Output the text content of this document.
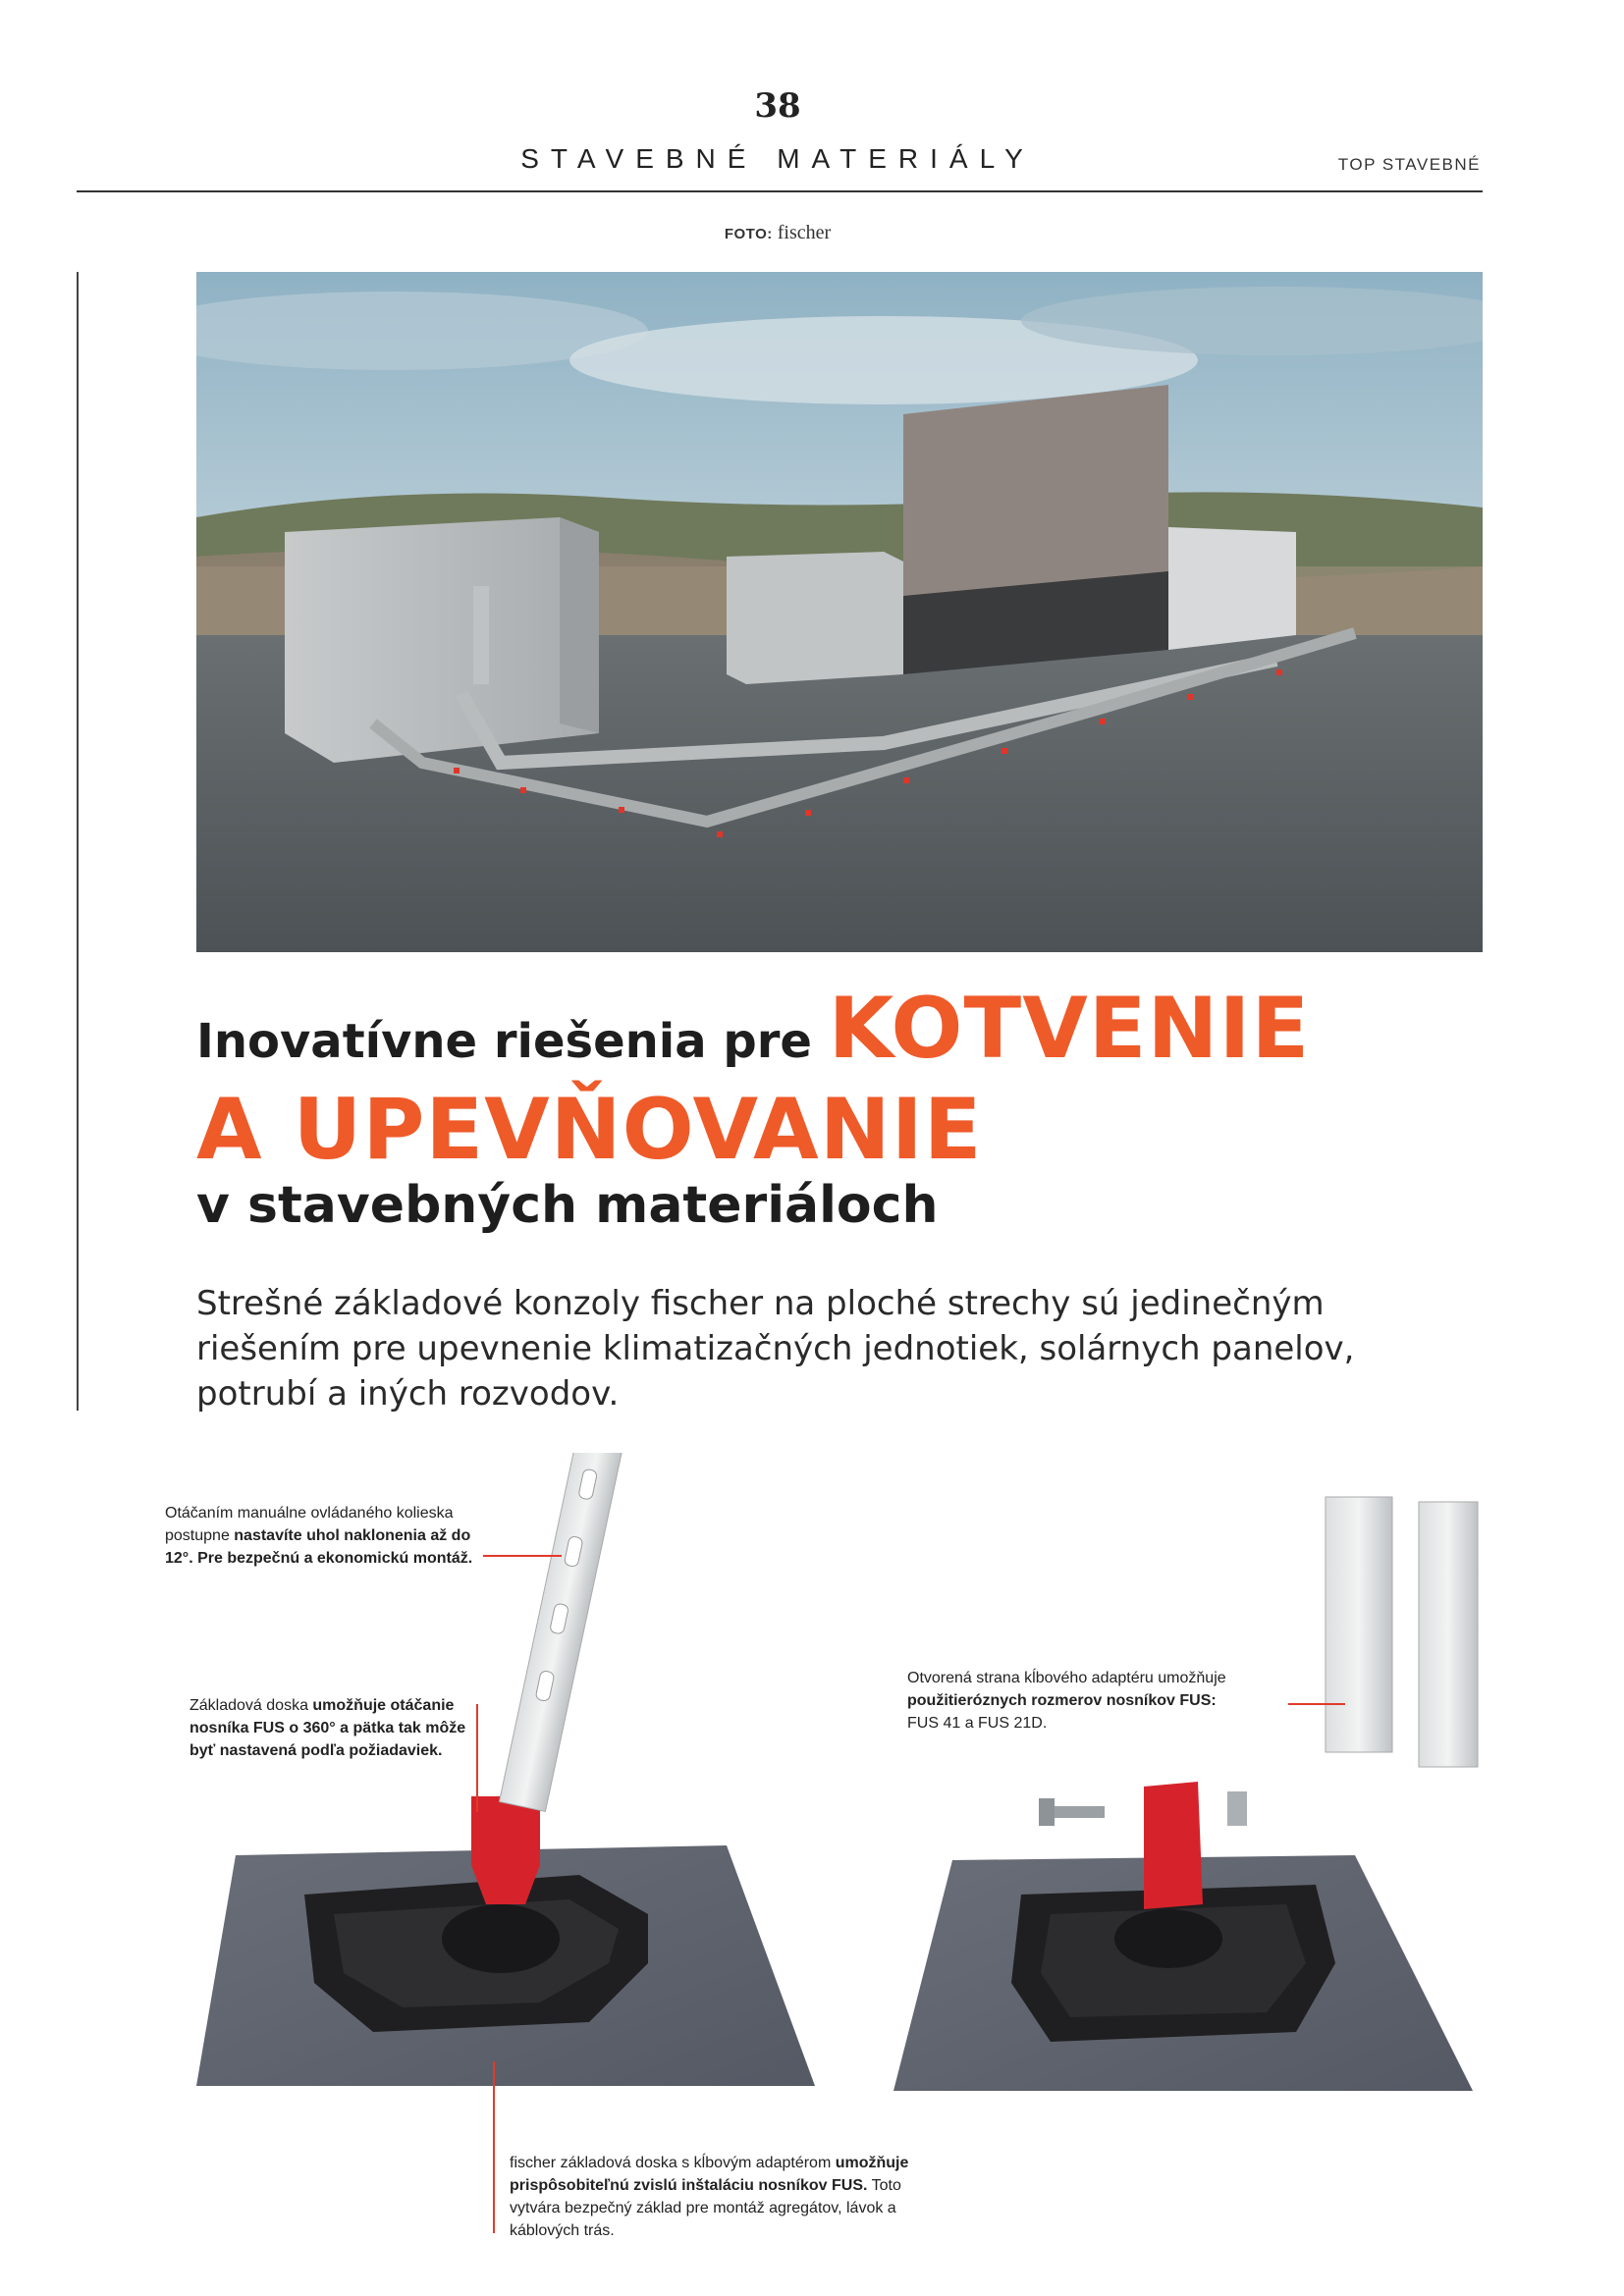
38
STAVEBNÉ MATERIÁLY	TOP STAVEBNÉ
FOTO: fischer
Inovatívne riešenia pre KOTVENIE
A UPEVŇOVANIE
v stavebných materiáloch
Strešné základové konzoly fischer na ploché strechy sú jedinečným riešením pre upevnenie klimatizačných jednotiek, solárnych panelov, potrubí a iných rozvodov.
Otáčaním manuálne ovládaného kolieska postupne nastavíte uhol naklonenia až do 12°. Pre bezpečnú a ekonomickú montáž.
Základová doska umožňuje otáčanie nosníka FUS o 360° a pätka tak môže byť nastavená podľa požiadaviek.
Otvorená strana kĺbového adaptéru umožňuje použitieróznych rozmerov nosníkov FUS: FUS 41 a FUS 21D.
fischer základová doska s kĺbovým adaptérom umožňuje prispôsobiteľnú zvislú inštaláciu nosníkov FUS. Toto vytvára bezpečný základ pre montáž agregátov, lávok a káblových trás.
